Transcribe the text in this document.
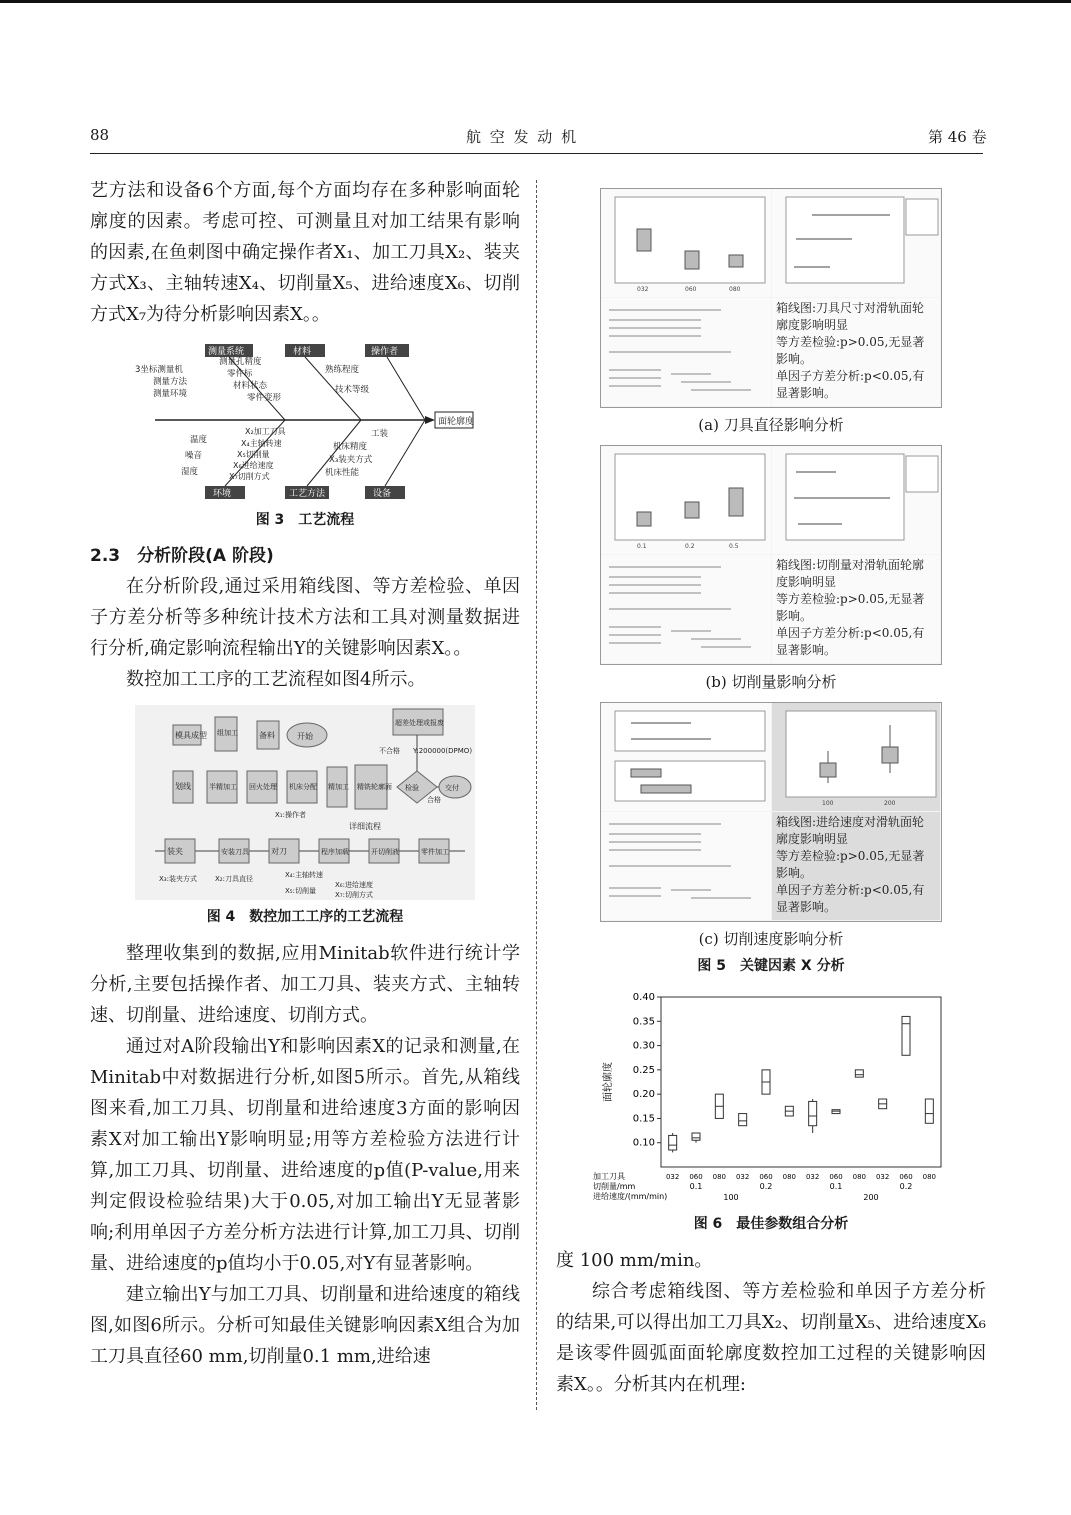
88	航 空 发 动 机	第 46 卷

艺方法和设备6个方面,每个方面均存在多种影响面轮廓度的因素。考虑可控、可测量且对加工结果有影响的因素,在鱼刺图中确定操作者X₁、加工刀具X₂、装夹方式X₃、主轴转速X₄、切削量X₅、进给速度X₆、切削方式X₇为待分析影响因素X。。

面轮廓度
测量系统	材料	操作者
环境	工艺方法	设备
3坐标测量机
测量方法
测量环境
测量孔精度
零件标
材料状态
零件变形
熟练程度
技术等级
温度
噪音
湿度
X₂加工刀具
X₄主轴转速
X₅切削量
X₆进给速度
X₇切削方式
工装
机床精度
X₃装夹方式
机床性能
图 3　工艺流程
2.3　分析阶段(A 阶段)

在分析阶段,通过采用箱线图、等方差检验、单因子方差分析等多种统计技术方法和工具对测量数据进行分析,确定影响流程输出Y的关键影响因素X。。

数控加工工序的工艺流程如图4所示。

模具成型 组加工	备料	开始
超差处理或报废
划线	半精加工 回火处理 机床分配 精加工 精铣轮廓面 检验	交付
不合格 Y:200000(DPMO)
合格
X₁:操作者
详细流程
装夹	安装刀具	对刀	程序加载	开切削液	零件加工
X₃:装夹方式	X₂:刀具直径	X₄:主轴转速
X₆:进给速度
X₅:切削量	X₇:切削方式
图 4　数控加工工序的工艺流程

整理收集到的数据,应用Minitab软件进行统计学分析,主要包括操作者、加工刀具、装夹方式、主轴转速、切削量、进给速度、切削方式。

通过对A阶段输出Y和影响因素X的记录和测量,在Minitab中对数据进行分析,如图5所示。首先,从箱线图来看,加工刀具、切削量和进给速度3方面的影响因素X对加工输出Y影响明显;用等方差检验方法进行计算,加工刀具、切削量、进给速度的p值(P-value,用来判定假设检验结果)大于0.05,对加工输出Y无显著影响;利用单因子方差分析方法进行计算,加工刀具、切削量、进给速度的p值均小于0.05,对Y有显著影响。

建立输出Y与加工刀具、切削量和进给速度的箱线图,如图6所示。分析可知最佳关键影响因素X组合为加工刀具直径60 mm,切削量0.1 mm,进给速

032	060	080
箱线图:刀具尺寸对滑轨面轮廓度影响明显
等方差检验:p>0.05,无显著影响。
单因子方差分析:p<0.05,有显著影响。
(a) 刀具直径影响分析
0.1	0.2	0.5
箱线图:切削量对滑轨面轮廓度影响明显
等方差检验:p>0.05,无显著影响。
单因子方差分析:p<0.05,有显著影响。
(b) 切削量影响分析
100	200
箱线图:进给速度对滑轨面轮廓度影响明显
等方差检验:p>0.05,无显著影响。
单因子方差分析:p<0.05,有显著影响。
(c) 切削速度影响分析
图 5　关键因素 X 分析
0.10
0.15
0.20
0.25
0.30
0.35
0.40
面轮廓度
032 060 080 032 060 080 032 060 080 032 060 080
0.1	0.2	0.1	0.2
100	200
加工刀具
切削量/mm
进给速度/(mm/min)
图 6　最佳参数组合分析

度 100 mm/min。

综合考虑箱线图、等方差检验和单因子方差分析的结果,可以得出加工刀具X₂、切削量X₅、进给速度X₆是该零件圆弧面面轮廓度数控加工过程的关键影响因素X。。分析其内在机理:
